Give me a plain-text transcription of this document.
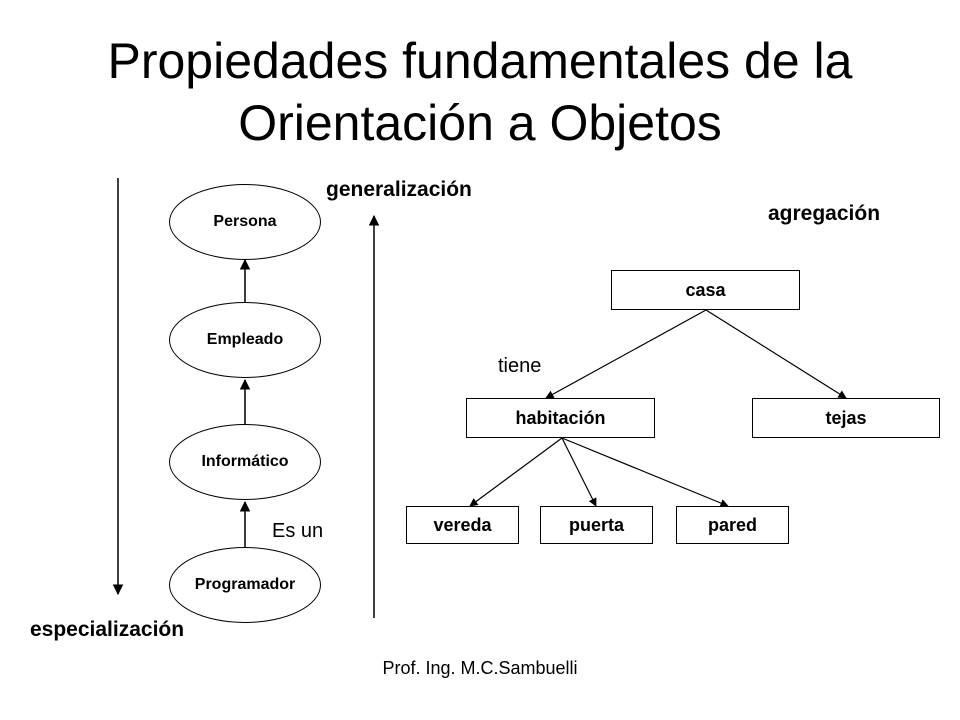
Propiedades fundamentales de la
Orientación a Objetos
Persona
Empleado
Informático
Programador
Es un
generalización
especialización
agregación
tiene
casa
habitación	tejas
vereda	puerta	pared
Prof. Ing. M.C.Sambuelli
